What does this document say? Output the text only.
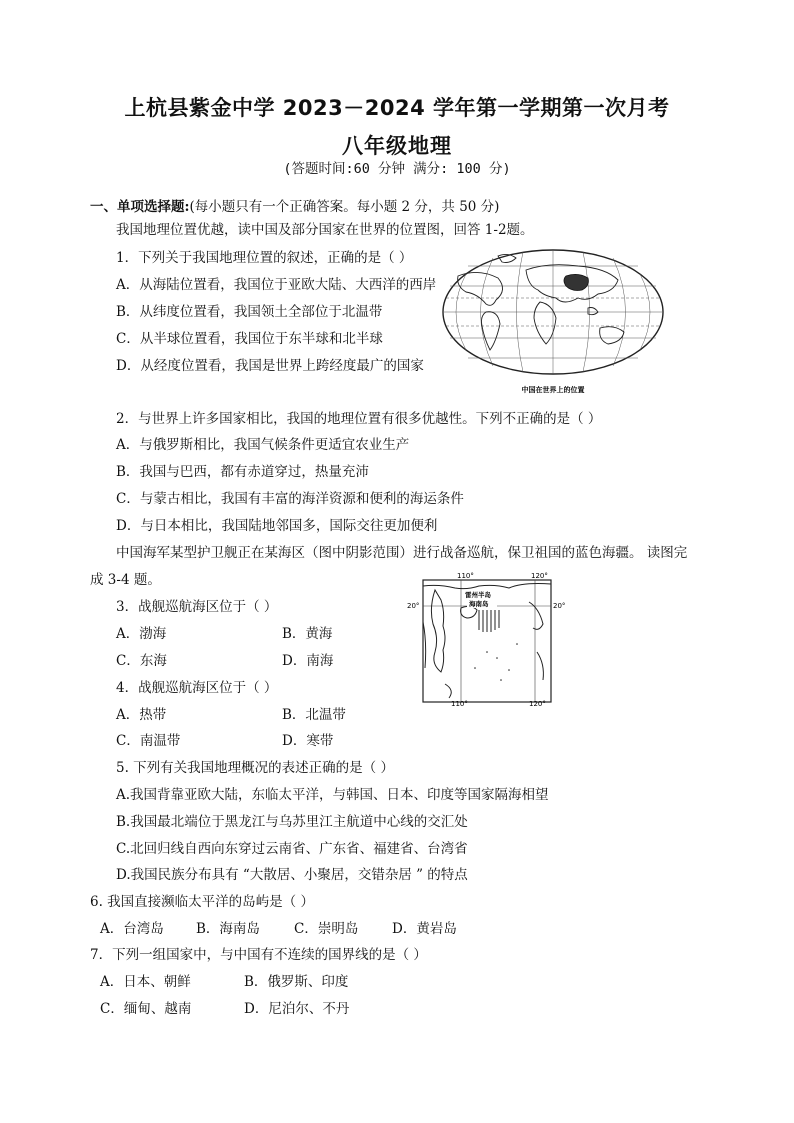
上杭县紫金中学 2023－2024 学年第一学期第一次月考
八年级地理
(答题时间:60 分钟 满分: 100 分)
一、单项选择题:(每小题只有一个正确答案。每小题 2 分，共 50 分)
我国地理位置优越，读中国及部分国家在世界的位置图，回答 1-2题。
1．下列关于我国地理位置的叙述，正确的是（ ）
A．从海陆位置看，我国位于亚欧大陆、大西洋的西岸
B．从纬度位置看，我国领土全部位于北温带
C．从半球位置看，我国位于东半球和北半球
D．从经度位置看，我国是世界上跨经度最广的国家
中国在世界上的位置
2．与世界上许多国家相比，我国的地理位置有很多优越性。下列不正确的是（ ）
A．与俄罗斯相比，我国气候条件更适宜农业生产
B．我国与巴西，都有赤道穿过，热量充沛
C．与蒙古相比，我国有丰富的海洋资源和便利的海运条件
D．与日本相比，我国陆地邻国多，国际交往更加便利
中国海军某型护卫舰正在某海区（图中阴影范围）进行战备巡航，保卫祖国的蓝色海疆。 读图完
成 3-4 题。	110°	120°
20°	20°
110°	120°
雷州半岛
海南岛
3．战舰巡航海区位于（ ）
A．渤海	B．黄海
C．东海	D．南海
4．战舰巡航海区位于（ ）
A．热带	B．北温带
C．南温带	D．寒带
5. 下列有关我国地理概况的表述正确的是（ ）
A.我国背靠亚欧大陆，东临太平洋，与韩国、日本、印度等国家隔海相望
B.我国最北端位于黑龙江与乌苏里江主航道中心线的交汇处
C.北回归线自西向东穿过云南省、广东省、福建省、台湾省
D.我国民族分布具有 “大散居、小聚居，交错杂居 ” 的特点
6. 我国直接濒临太平洋的岛屿是（ ）
A．台湾岛 B．海南岛	C．崇明岛 D．黄岩岛
7．下列一组国家中，与中国有不连续的国界线的是（ ）
A．日本、朝鲜	B．俄罗斯、印度
C．缅甸、越南	D．尼泊尔、不丹
